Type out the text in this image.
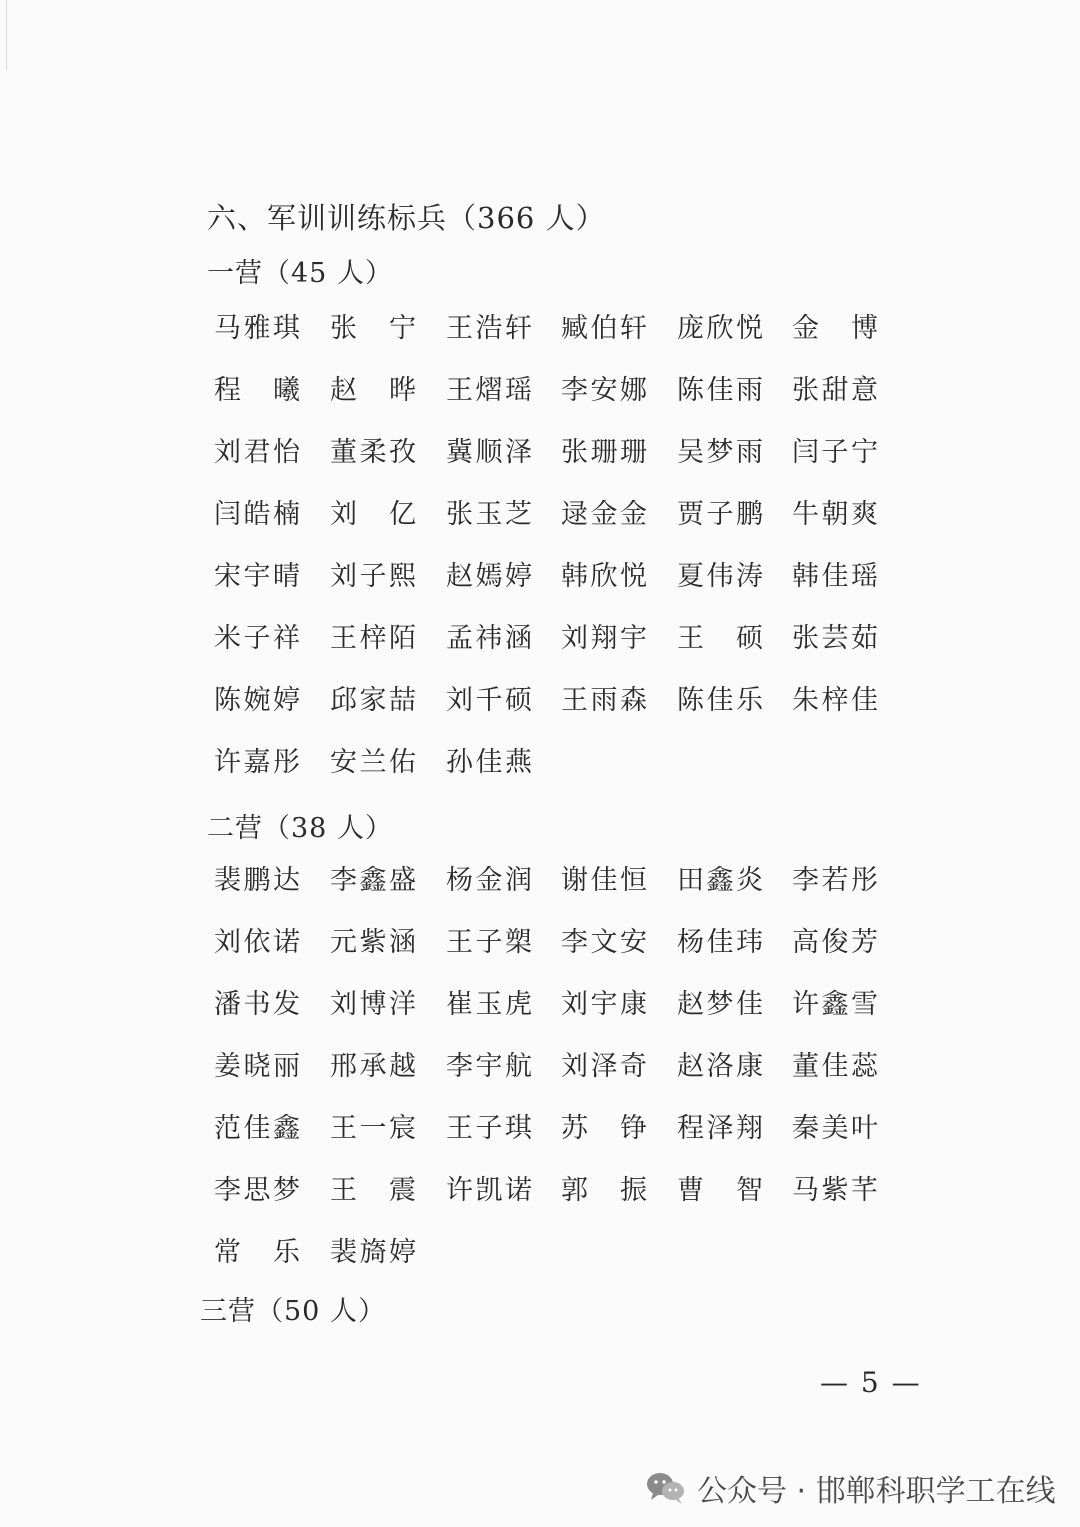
六、军训训练标兵（366 人）
一营（45 人）
马 雅 琪 张
　 宁 王 浩 轩 臧 伯 轩 庞 欣 悦 金
　 博
程
　 曦 赵
　 晔 王 熠 瑶 李 安 娜 陈 佳 雨 张 甜 意
刘 君 怡 董 柔 孜 冀 顺 泽 张 珊 珊 吴 梦 雨 闫 子 宁
闫 皓 楠 刘
　 亿 张 玉 芝 逯 金 金 贾 子 鹏 牛 朝 爽
宋 宇 晴 刘 子 熙 赵 嫣 婷 韩 欣 悦 夏 伟 涛 韩 佳 瑶
米 子 祥 王 梓 陌 孟 祎 涵 刘 翔 宇 王
　 硕 张 芸 茹
陈 婉 婷 邱 家 喆 刘 千 硕 王 雨 森 陈 佳 乐 朱 梓 佳
许 嘉 彤 安 兰 佑 孙 佳 燕
二营（38 人）
裴 鹏 达 李 鑫 盛 杨 金 润 谢 佳 恒 田 鑫 炎 李 若 彤
刘 依 诺 元 紫 涵 王 子 槊 李 文 安 杨 佳 玮 高 俊 芳
潘 书 发 刘 博 洋 崔 玉 虎 刘 宇 康 赵 梦 佳 许 鑫 雪
姜 晓 丽 邢 承 越 李 宇 航 刘 泽 奇 赵 洛 康 董 佳 蕊
范 佳 鑫 王 一 宸 王 子 琪 苏
　 铮 程 泽 翔 秦 美 叶
李 思 梦 王
　 震 许 凯 诺 郭
　 振 曹
　 智 马 紫 芊
常
　 乐 裴 旖 婷
三营（50 人）
— 5 —
公众号 · 邯郸科职学工在线
